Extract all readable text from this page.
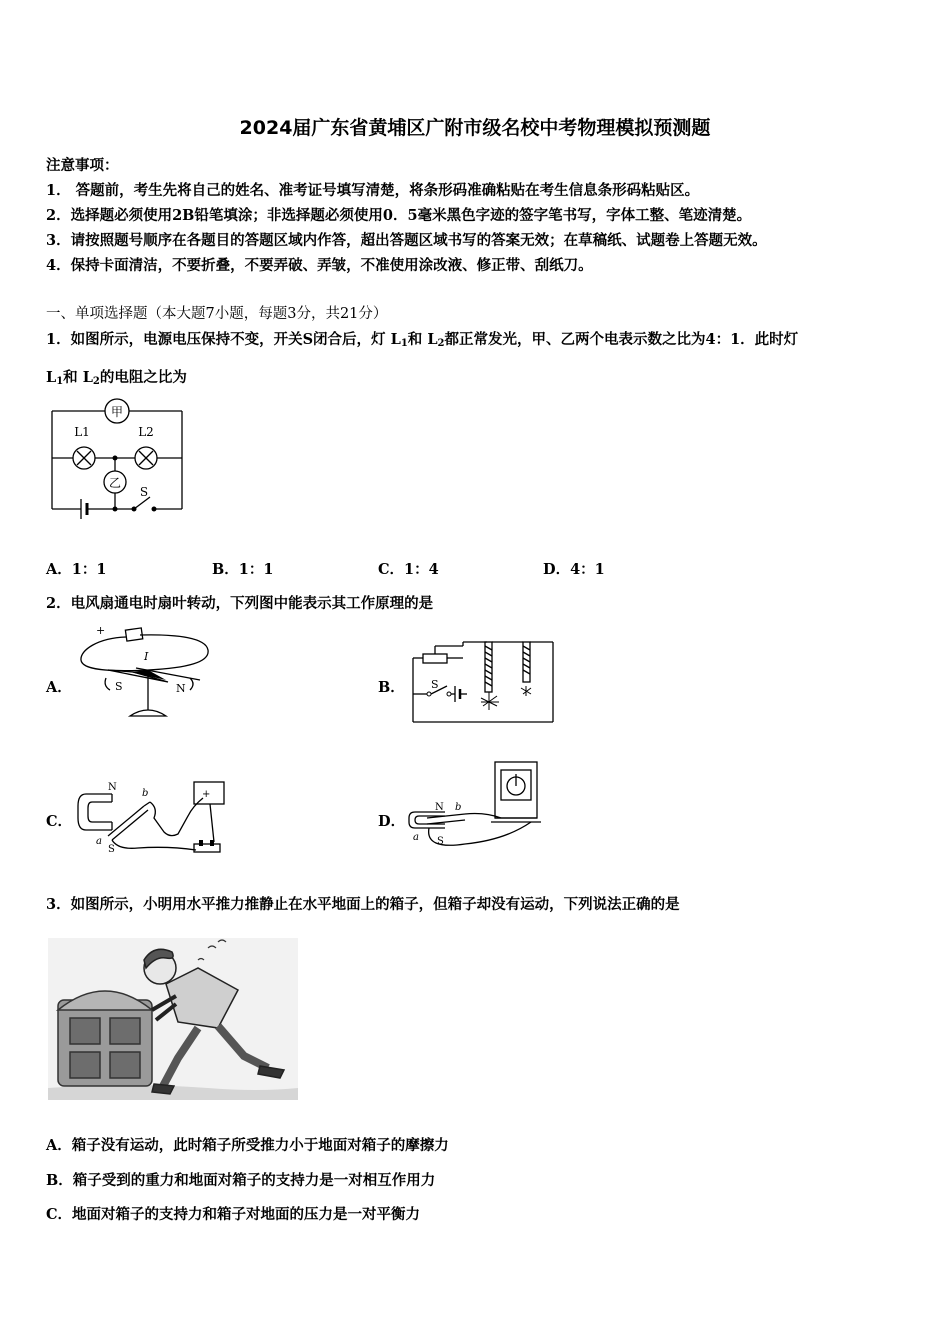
2024届广东省黄埔区广附市级名校中考物理模拟预测题
注意事项：
1． 答题前，考生先将自己的姓名、准考证号填写清楚，将条形码准确粘贴在考生信息条形码粘贴区。
2．选择题必须使用2B铅笔填涂；非选择题必须使用0．5毫米黑色字迹的签字笔书写，字体工整、笔迹清楚。
3．请按照题号顺序在各题目的答题区域内作答，超出答题区域书写的答案无效；在草稿纸、试题卷上答题无效。
4．保持卡面清洁，不要折叠，不要弄破、弄皱，不准使用涂改液、修正带、刮纸刀。
一、单项选择题（本大题7小题，每题3分，共21分）
1．如图所示，电源电压保持不变，开关S闭合后，灯 $L_1$和 $L_2$都正常发光，甲、乙两个电表示数之比为4：1．此时灯
$L_1$和 $L_2$的电阻之比为
甲
乙
L1	L2
S
A．1：1	B．1：1	C．1：4	D．4：1
2．电风扇通电时扇叶转动，下列图中能表示其工作原理的是
A．
+
I
S	N	B． S
C．
N
b
a
S
+
D．
N b
a S
3．如图所示，小明用水平推力推静止在水平地面上的箱子，但箱子却没有运动，下列说法正确的是
A．箱子没有运动，此时箱子所受推力小于地面对箱子的摩擦力
B．箱子受到的重力和地面对箱子的支持力是一对相互作用力
C．地面对箱子的支持力和箱子对地面的压力是一对平衡力
